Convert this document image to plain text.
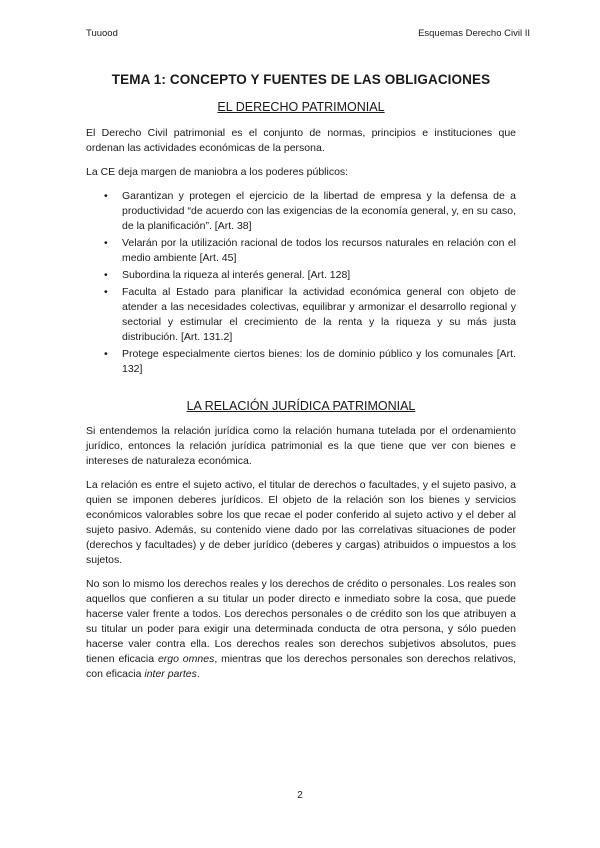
Tuuood	Esquemas Derecho Civil II
TEMA 1: CONCEPTO Y FUENTES DE LAS OBLIGACIONES
EL DERECHO PATRIMONIAL

El Derecho Civil patrimonial es el conjunto de normas, principios e instituciones que ordenan las actividades económicas de la persona.

La CE deja margen de maniobra a los poderes públicos:

• Garantizan y protegen el ejercicio de la libertad de empresa y la defensa de a productividad “de acuerdo con las exigencias de la economía general, y, en su caso, de la planificación”. [Art. 38]
• Velarán por la utilización racional de todos los recursos naturales en relación con el medio ambiente [Art. 45]
• Subordina la riqueza al interés general. [Art. 128]
• Faculta al Estado para planificar la actividad económica general con objeto de atender a las necesidades colectivas, equilibrar y armonizar el desarrollo regional y sectorial y estimular el crecimiento de la renta y la riqueza y su más justa distribución. [Art. 131.2]
• Protege especialmente ciertos bienes: los de dominio público y los comunales [Art. 132]
LA RELACIÓN JURÍDICA PATRIMONIAL

Si entendemos la relación jurídica como la relación humana tutelada por el ordenamiento jurídico, entonces la relación jurídica patrimonial es la que tiene que ver con bienes e intereses de naturaleza económica.

La relación es entre el sujeto activo, el titular de derechos o facultades, y el sujeto pasivo, a quien se imponen deberes jurídicos. El objeto de la relación son los bienes y servicios económicos valorables sobre los que recae el poder conferido al sujeto activo y el deber al sujeto pasivo. Además, su contenido viene dado por las correlativas situaciones de poder (derechos y facultades) y de deber jurídico (deberes y cargas) atribuidos o impuestos a los sujetos.

No son lo mismo los derechos reales y los derechos de crédito o personales. Los reales son aquellos que confieren a su titular un poder directo e inmediato sobre la cosa, que puede hacerse valer frente a todos. Los derechos personales o de crédito son los que atribuyen a su titular un poder para exigir una determinada conducta de otra persona, y sólo pueden hacerse valer contra ella. Los derechos reales son derechos subjetivos absolutos, pues tienen eficacia ergo omnes, mientras que los derechos personales son derechos relativos, con eficacia inter partes.

2
